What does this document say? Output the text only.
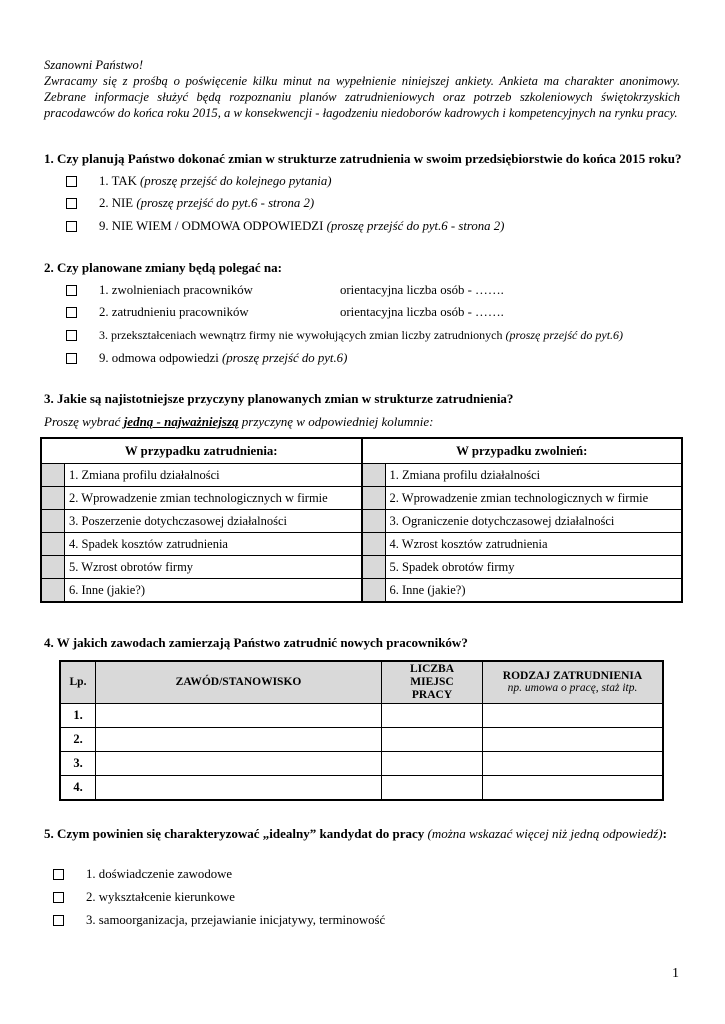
Szanowni Państwo!
Zwracamy się z prośbą o poświęcenie kilku minut na wypełnienie niniejszej ankiety. Ankieta ma charakter anonimowy. Zebrane informacje służyć będą rozpoznaniu planów zatrudnieniowych oraz potrzeb szkoleniowych świętokrzyskich pracodawców do końca roku 2015, a w konsekwencji - łagodzeniu niedoborów kadrowych i kompetencyjnych na rynku pracy.
1. Czy planują Państwo dokonać zmian w strukturze zatrudnienia w swoim przedsiębiorstwie do końca 2015 roku?
1. TAK (proszę przejść do kolejnego pytania)
2. NIE (proszę przejść do pyt.6 - strona 2)
9. NIE WIEM / ODMOWA ODPOWIEDZI (proszę przejść do pyt.6 - strona 2)
2. Czy planowane zmiany będą polegać na:
1. zwolnieniach pracowników	orientacyjna liczba osób - …….
2. zatrudnieniu pracowników	orientacyjna liczba osób - …….
3. przekształceniach wewnątrz firmy nie wywołujących zmian liczby zatrudnionych (proszę przejść do pyt.6)
9. odmowa odpowiedzi (proszę przejść do pyt.6)
3. Jakie są najistotniejsze przyczyny planowanych zmian w strukturze zatrudnienia?
Proszę wybrać jedną - najważniejszą przyczynę w odpowiedniej kolumnie:
W przypadku zatrudnienia:		W przypadku zwolnień:	
	1. Zmiana profilu działalności		1. Zmiana profilu działalności
	2. Wprowadzenie zmian technologicznych w firmie		2. Wprowadzenie zmian technologicznych w firmie
	3. Poszerzenie dotychczasowej działalności		3. Ograniczenie dotychczasowej działalności
	4. Spadek kosztów zatrudnienia		4. Wzrost kosztów zatrudnienia
	5. Wzrost obrotów firmy		5. Spadek obrotów firmy
	6. Inne (jakie?)		6. Inne (jakie?)
4. W jakich zawodach zamierzają Państwo zatrudnić nowych pracowników?
Lp.	ZAWÓD/STANOWISKO	LICZBA
MIEJSC
PRACY	RODZAJ ZATRUDNIENIA
np. umowa o pracę, staż itp.

1.			
2.			
3.			
4.			
5. Czym powinien się charakteryzować „idealny” kandydat do pracy (można wskazać więcej niż jedną odpowiedź):
1. doświadczenie zawodowe
2. wykształcenie kierunkowe
3. samoorganizacja, przejawianie inicjatywy, terminowość
1
